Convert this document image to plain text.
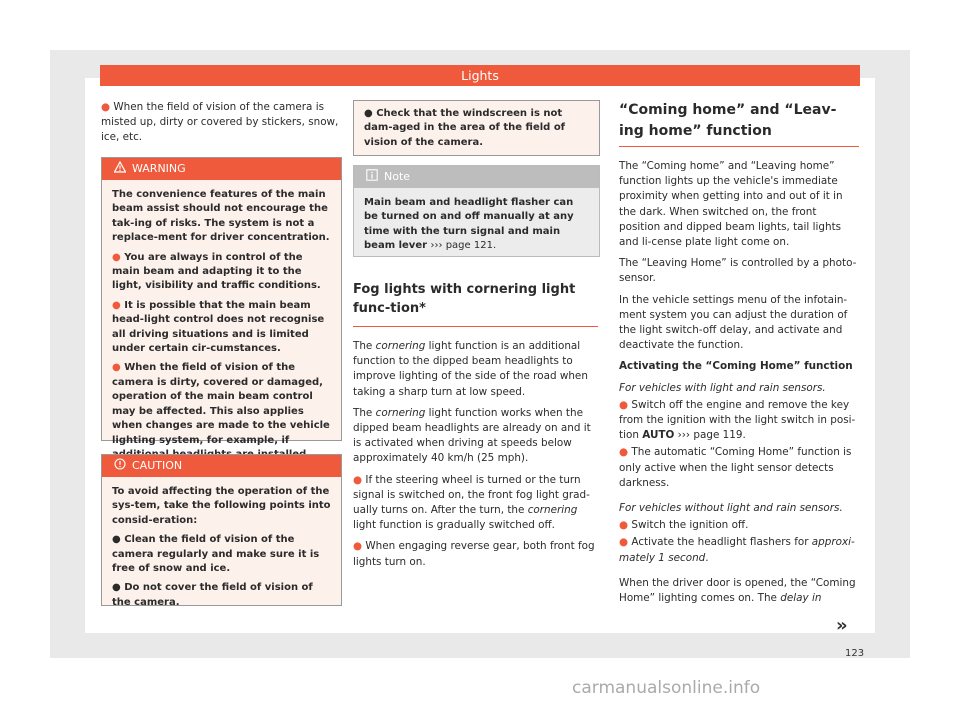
Lights

● When the field of vision of the camera is misted up, dirty or covered by stickers, snow, ice, etc.

WARNING

The convenience features of the main beam assist should not encourage the tak-ing of risks. The system is not a replace-ment for driver concentration.

● You are always in control of the main beam and adapting it to the light, visibility and traffic conditions.

● It is possible that the main beam head-light control does not recognise all driving situations and is limited under certain cir-cumstances.

● When the field of vision of the camera is dirty, covered or damaged, operation of the main beam control may be affected. This also applies when changes are made to the vehicle lighting system, for example, if

CAUTION

To avoid affecting the operation of the sys-tem, take the following points into consid-eration:

● Clean the field of vision of the camera regularly and make sure it is free of snow and ice.

● Do not cover the field of vision of the camera.

● Check that the windscreen is not dam-aged in the area of the field of vision of the camera.
Note
Main beam and headlight flasher can be turned on and off manually at any time with the turn signal and main beam lever ››› page 121.
Fog lights with cornering light func-tion*

The cornering light function is an additional function to the dipped beam headlights to improve lighting of the side of the road when taking a sharp turn at low speed.

The cornering light function works when the dipped beam headlights are already on and it is activated when driving at speeds below approximately 40 km/h (25 mph).

● If the steering wheel is turned or the turn signal is switched on, the front fog light grad-ually turns on. After the turn, the cornering light function is gradually switched off.

● When engaging reverse gear, both front fog lights turn on.

“Coming home” and “Leav-ing home” function

The “Coming home” and “Leaving home” function lights up the vehicle's immediate proximity when getting into and out of it in the dark. When switched on, the front position and dipped beam lights, tail lights and li-cense plate light come on.

The “Leaving Home” is controlled by a photo-sensor.

In the vehicle settings menu of the infotain-ment system you can adjust the duration of the light switch-off delay, and activate and deactivate the function.

Activating the “Coming Home” function

For vehicles with light and rain sensors.

● Switch off the engine and remove the key from the ignition with the light switch in posi-tion AUTO ››› page 119.

● The automatic “Coming Home” function is only active when the light sensor detects darkness.

For vehicles without light and rain sensors.

● Switch the ignition off.

● Activate the headlight flashers for approxi-mately 1 second.

When the driver door is opened, the “Coming Home” lighting comes on. The delay in

»
123
carmanualsonline.info
